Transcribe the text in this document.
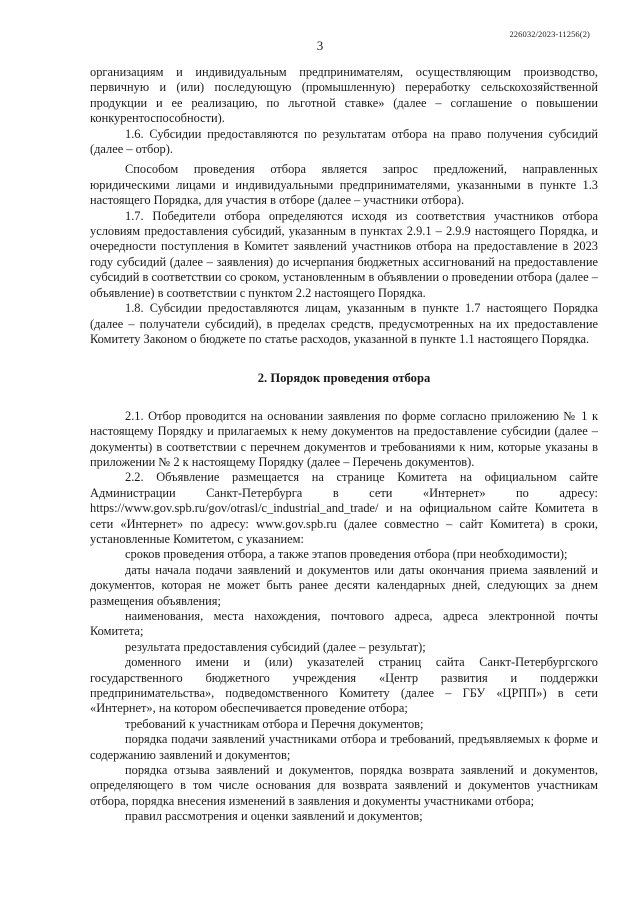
226032/2023-11256(2)
3

организациям и индивидуальным предпринимателям, осуществляющим производство, первичную и (или) последующую (промышленную) переработку сельскохозяйственной продукции и ее реализацию, по льготной ставке» (далее – соглашение о повышении конкурентоспособности).

1.6. Субсидии предоставляются по результатам отбора на право получения субсидий (далее – отбор).

Способом проведения отбора является запрос предложений, направленных юридическими лицами и индивидуальными предпринимателями, указанными в пункте 1.3 настоящего Порядка, для участия в отборе (далее – участники отбора).

1.7. Победители отбора определяются исходя из соответствия участников отбора условиям предоставления субсидий, указанным в пунктах 2.9.1 – 2.9.9 настоящего Порядка, и очередности поступления в Комитет заявлений участников отбора на предоставление в 2023 году субсидий (далее – заявления) до исчерпания бюджетных ассигнований на предоставление субсидий в соответствии со сроком, установленным в объявлении о проведении отбора (далее – объявление) в соответствии с пунктом 2.2 настоящего Порядка.

1.8. Субсидии предоставляются лицам, указанным в пункте 1.7 настоящего Порядка (далее – получатели субсидий), в пределах средств, предусмотренных на их предоставление Комитету Законом о бюджете по статье расходов, указанной в пункте 1.1 настоящего Порядка.

2. Порядок проведения отбора

2.1. Отбор проводится на основании заявления по форме согласно приложению № 1 к настоящему Порядку и прилагаемых к нему документов на предоставление субсидии (далее – документы) в соответствии с перечнем документов и требованиями к ним, которые указаны в приложении № 2 к настоящему Порядку (далее – Перечень документов).

2.2. Объявление размещается на странице Комитета на официальном сайте Администрации Санкт-Петербурга в сети «Интернет» по адресу: https://www.gov.spb.ru/gov/otrasl/c_industrial_and_trade/ и на официальном сайте Комитета в сети «Интернет» по адресу: www.gov.spb.ru (далее совместно – сайт Комитета) в сроки, установленные Комитетом, с указанием:

сроков проведения отбора, а также этапов проведения отбора (при необходимости);

даты начала подачи заявлений и документов или даты окончания приема заявлений и документов, которая не может быть ранее десяти календарных дней, следующих за днем размещения объявления;

наименования, места нахождения, почтового адреса, адреса электронной почты Комитета;

результата предоставления субсидий (далее – результат);

доменного имени и (или) указателей страниц сайта Санкт-Петербургского государственного бюджетного учреждения «Центр развития и поддержки предпринимательства», подведомственного Комитету (далее – ГБУ «ЦРПП») в сети «Интернет», на котором обеспечивается проведение отбора;

требований к участникам отбора и Перечня документов;

порядка подачи заявлений участниками отбора и требований, предъявляемых к форме и содержанию заявлений и документов;

порядка отзыва заявлений и документов, порядка возврата заявлений и документов, определяющего в том числе основания для возврата заявлений и документов участникам отбора, порядка внесения изменений в заявления и документы участниками отбора;

правил рассмотрения и оценки заявлений и документов;
